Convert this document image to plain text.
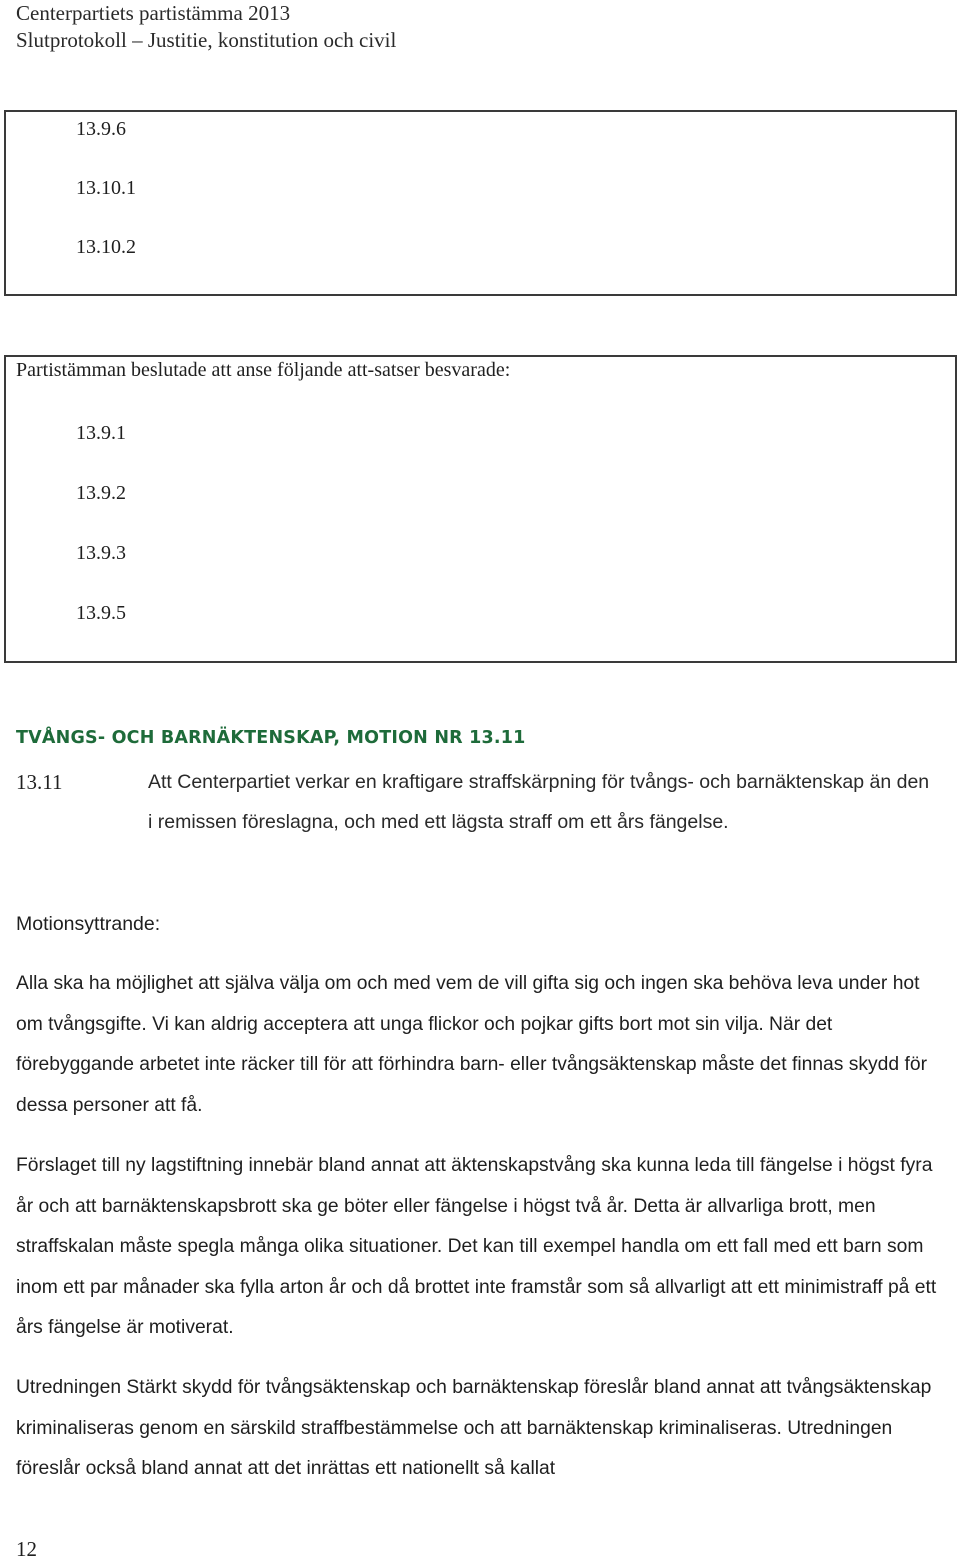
Centerpartiets partistämma 2013
Slutprotokoll – Justitie, konstitution och civil
13.9.6
13.10.1
13.10.2
Partistämman beslutade att anse följande att-satser besvarade:
13.9.1
13.9.2
13.9.3
13.9.5
TVÅNGS- OCH BARNÄKTENSKAP, MOTION NR 13.11
13.11	Att Centerpartiet verkar en kraftigare straffskärpning för tvångs- och barnäktenskap än den i remissen föreslagna, och med ett lägsta straff om ett års fängelse.
Motionsyttrande:
Alla ska ha möjlighet att själva välja om och med vem de vill gifta sig och ingen ska behöva leva under hot om tvångsgifte. Vi kan aldrig acceptera att unga flickor och pojkar gifts bort mot sin vilja. När det förebyggande arbetet inte räcker till för att förhindra barn- eller tvångsäktenskap måste det finnas skydd för dessa personer att få.
Förslaget till ny lagstiftning innebär bland annat att äktenskapstvång ska kunna leda till fängelse i högst fyra år och att barnäktenskapsbrott ska ge böter eller fängelse i högst två år. Detta är allvarliga brott, men straffskalan måste spegla många olika situationer. Det kan till exempel handla om ett fall med ett barn som inom ett par månader ska fylla arton år och då brottet inte framstår som så allvarligt att ett minimistraff på ett års fängelse är motiverat.
Utredningen Stärkt skydd för tvångsäktenskap och barnäktenskap föreslår bland annat att tvångsäktenskap kriminaliseras genom en särskild straffbestämmelse och att barnäktenskap kriminaliseras. Utredningen föreslår också bland annat att det inrättas ett nationellt så kallat
12
